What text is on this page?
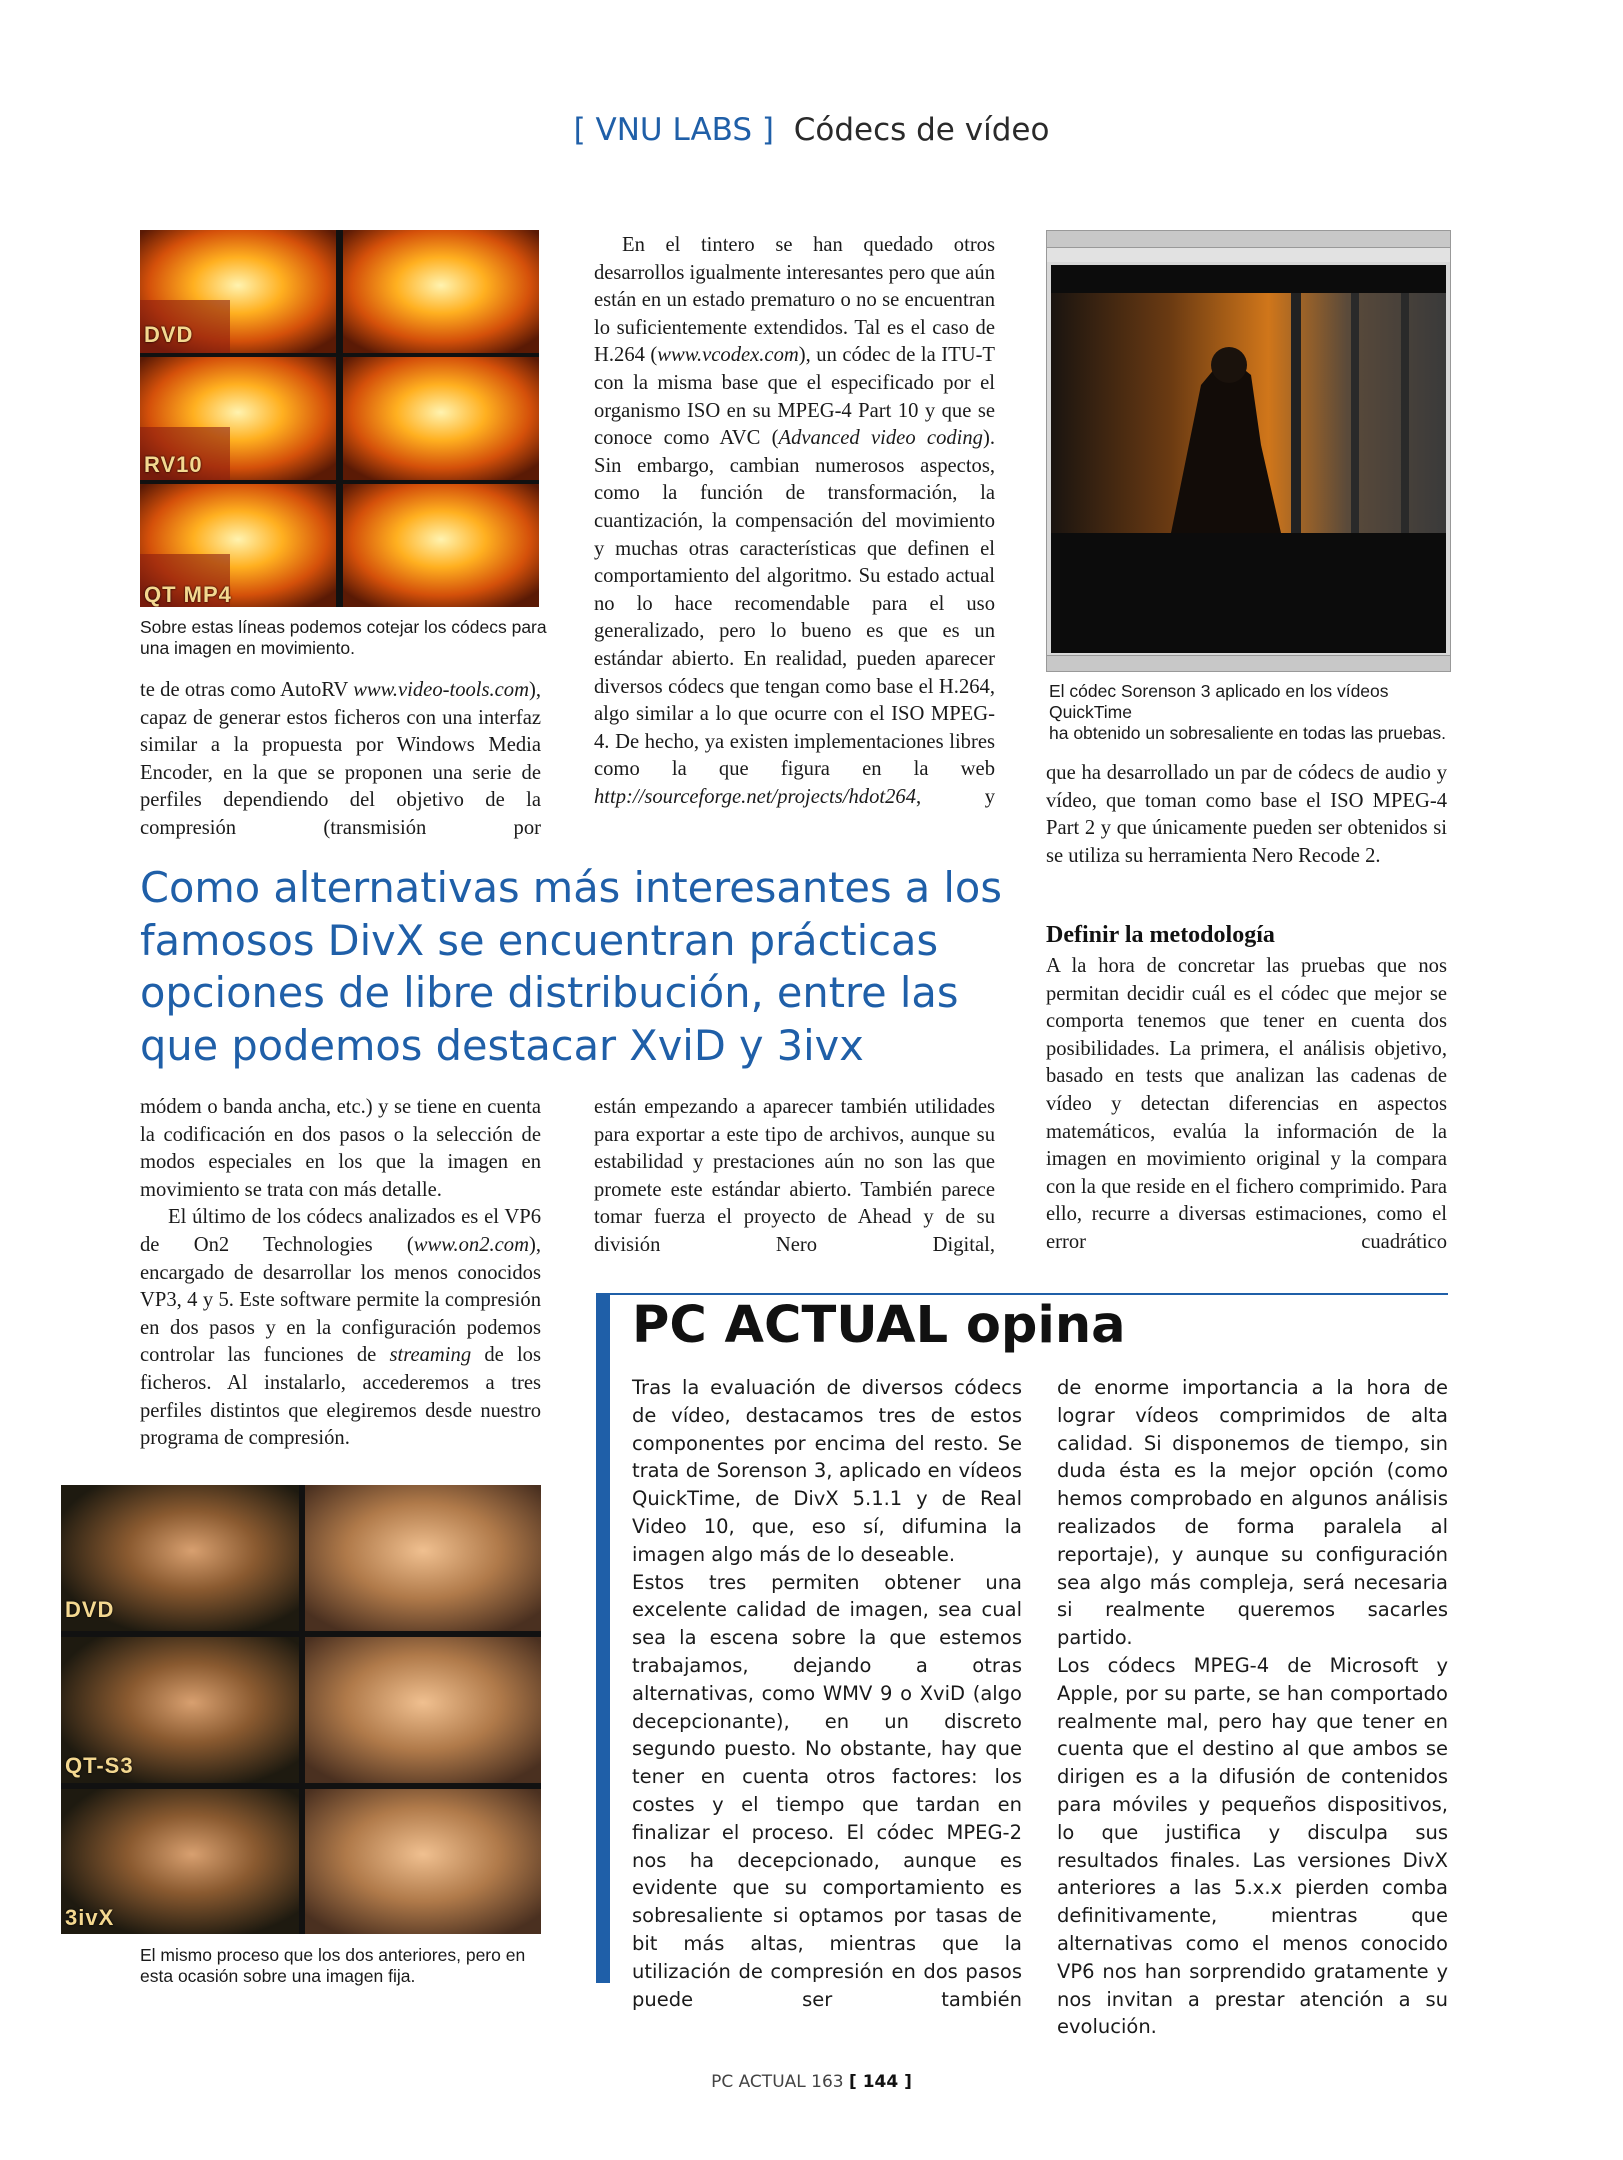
[ VNU LABS ] Códecs de vídeo
DVD
RV10
QT MP4
Sobre estas líneas podemos cotejar los códecs para
una imagen en movimiento.

te de otras como AutoRV www.video-tools.com), capaz de generar estos ficheros con una interfaz similar a la propuesta por Windows Media Encoder, en la que se proponen una serie de perfiles dependiendo del objetivo de la compresión (transmisión por

En el tintero se han quedado otros desarrollos igualmente interesantes pero que aún están en un estado prematuro o no se encuentran lo suficientemente extendidos. Tal es el caso de H.264 (www.vcodex.com), un códec de la ITU-T con la misma base que el especificado por el organismo ISO en su MPEG-4 Part 10 y que se conoce como AVC (Advanced video coding). Sin embargo, cambian numerosos aspectos, como la función de transformación, la cuantización, la compensación del movimiento y muchas otras características que definen el comportamiento del algoritmo. Su estado actual no lo hace recomendable para el uso generalizado, pero lo bueno es que es un estándar abierto. En realidad, pueden aparecer diversos códecs que tengan como base el H.264, algo similar a lo que ocurre con el ISO MPEG-4. De hecho, ya existen implementaciones libres como la que figura en la web http://sourceforge.net/projects/hdot264, y

El códec Sorenson 3 aplicado en los vídeos QuickTime
ha obtenido un sobresaliente en todas las pruebas.

que ha desarrollado un par de códecs de audio y vídeo, que toman como base el ISO MPEG-4 Part 2 y que únicamente pueden ser obtenidos si se utiliza su herramienta Nero Recode 2.

Definir la metodología

A la hora de concretar las pruebas que nos permitan decidir cuál es el códec que mejor se comporta tenemos que tener en cuenta dos posibilidades. La primera, el análisis objetivo, basado en tests que analizan las cadenas de vídeo y detectan diferencias en aspectos matemáticos, evalúa la información de la imagen en movimiento original y la compara con la que reside en el fichero comprimido. Para ello, recurre a diversas estimaciones, como el error cuadrático

Como alternativas más interesantes a los famosos DivX se encuentran prácticas opciones de libre distribución, entre las que podemos destacar XviD y 3ivx

módem o banda ancha, etc.) y se tiene en cuenta la codificación en dos pasos o la selección de modos especiales en los que la imagen en movimiento se trata con más detalle.

El último de los códecs analizados es el VP6 de On2 Technologies (www.on2.com), encargado de desarrollar los menos conocidos VP3, 4 y 5. Este software permite la compresión en dos pasos y en la configuración podemos controlar las funciones de streaming de los ficheros. Al instalarlo, accederemos a tres perfiles distintos que elegiremos desde nuestro programa de compresión.

están empezando a aparecer también utilidades para exportar a este tipo de archivos, aunque su estabilidad y prestaciones aún no son las que promete este estándar abierto. También parece tomar fuerza el proyecto de Ahead y de su división Nero Digital,

DVD
QT-S3
3ivX
El mismo proceso que los dos anteriores, pero en
esta ocasión sobre una imagen fija.
PC ACTUAL opina

Tras la evaluación de diversos códecs de vídeo, destacamos tres de estos componentes por encima del resto. Se trata de Sorenson 3, aplicado en vídeos QuickTime, de DivX 5.1.1 y de Real Video 10, que, eso sí, difumina la imagen algo más de lo deseable.

Estos tres permiten obtener una excelente calidad de imagen, sea cual sea la escena sobre la que estemos trabajamos, dejando a otras alternativas, como WMV 9 o XviD (algo decepcionante), en un discreto segundo puesto. No obstante, hay que tener en cuenta otros factores: los costes y el tiempo que tardan en finalizar el proceso. El códec MPEG-2 nos ha decepcionado, aunque es evidente que su comportamiento es sobresaliente si optamos por tasas de bit más altas, mientras que la utilización de compresión en dos pasos puede ser también

de enorme importancia a la hora de lograr vídeos comprimidos de alta calidad. Si disponemos de tiempo, sin duda ésta es la mejor opción (como hemos comprobado en algunos análisis realizados de forma paralela al reportaje), y aunque su configuración sea algo más compleja, será necesaria si realmente queremos sacarles partido.

Los códecs MPEG-4 de Microsoft y Apple, por su parte, se han comportado realmente mal, pero hay que tener en cuenta que el destino al que ambos se dirigen es a la difusión de contenidos para móviles y pequeños dispositivos, lo que justifica y disculpa sus resultados finales. Las versiones DivX anteriores a las 5.x.x pierden comba definitivamente, mientras que alternativas como el menos conocido VP6 nos han sorprendido gratamente y nos invitan a prestar atención a su evolución.

PC ACTUAL 163 [ 144 ]
